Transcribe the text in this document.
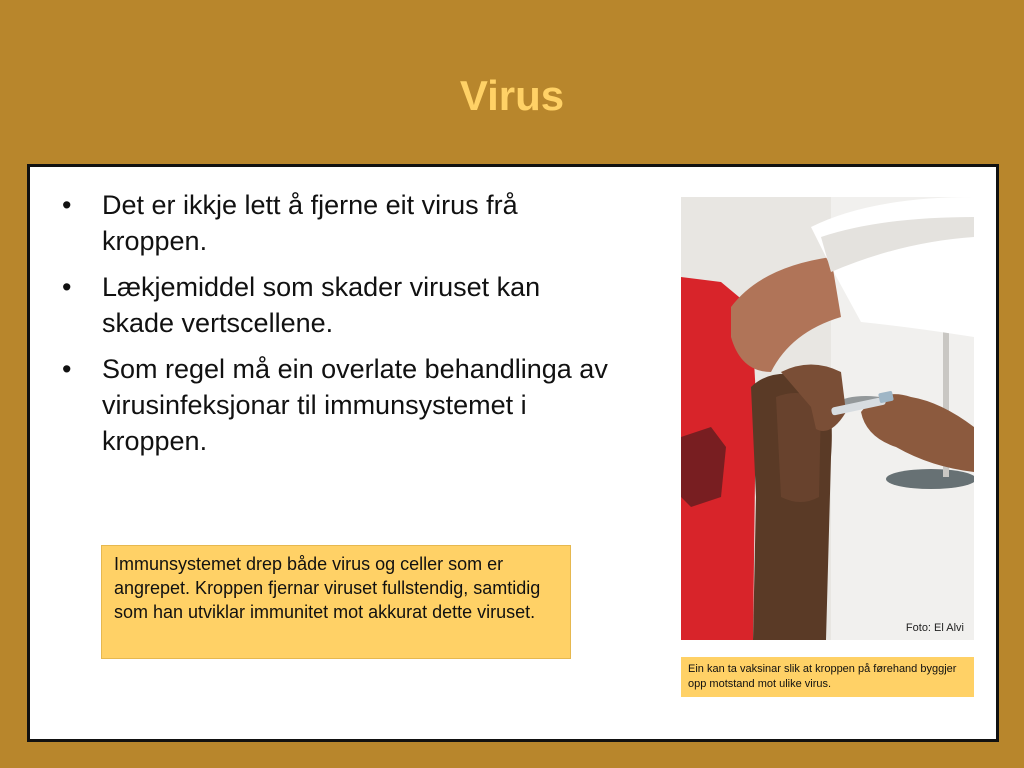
Virus
• Det er ikkje lett å fjerne eit virus frå kroppen.
• Lækjemiddel som skader viruset kan skade vertscellene.
• Som regel må ein overlate behandlinga av virusinfeksjonar til immunsystemet i kroppen.
Immunsystemet drep både virus og celler som er angrepet. Kroppen fjernar viruset fullstendig, samtidig som han utviklar immunitet mot akkurat dette viruset.
Foto: El Alvi
Ein kan ta vaksinar slik at kroppen på førehand byggjer opp motstand mot ulike virus.
